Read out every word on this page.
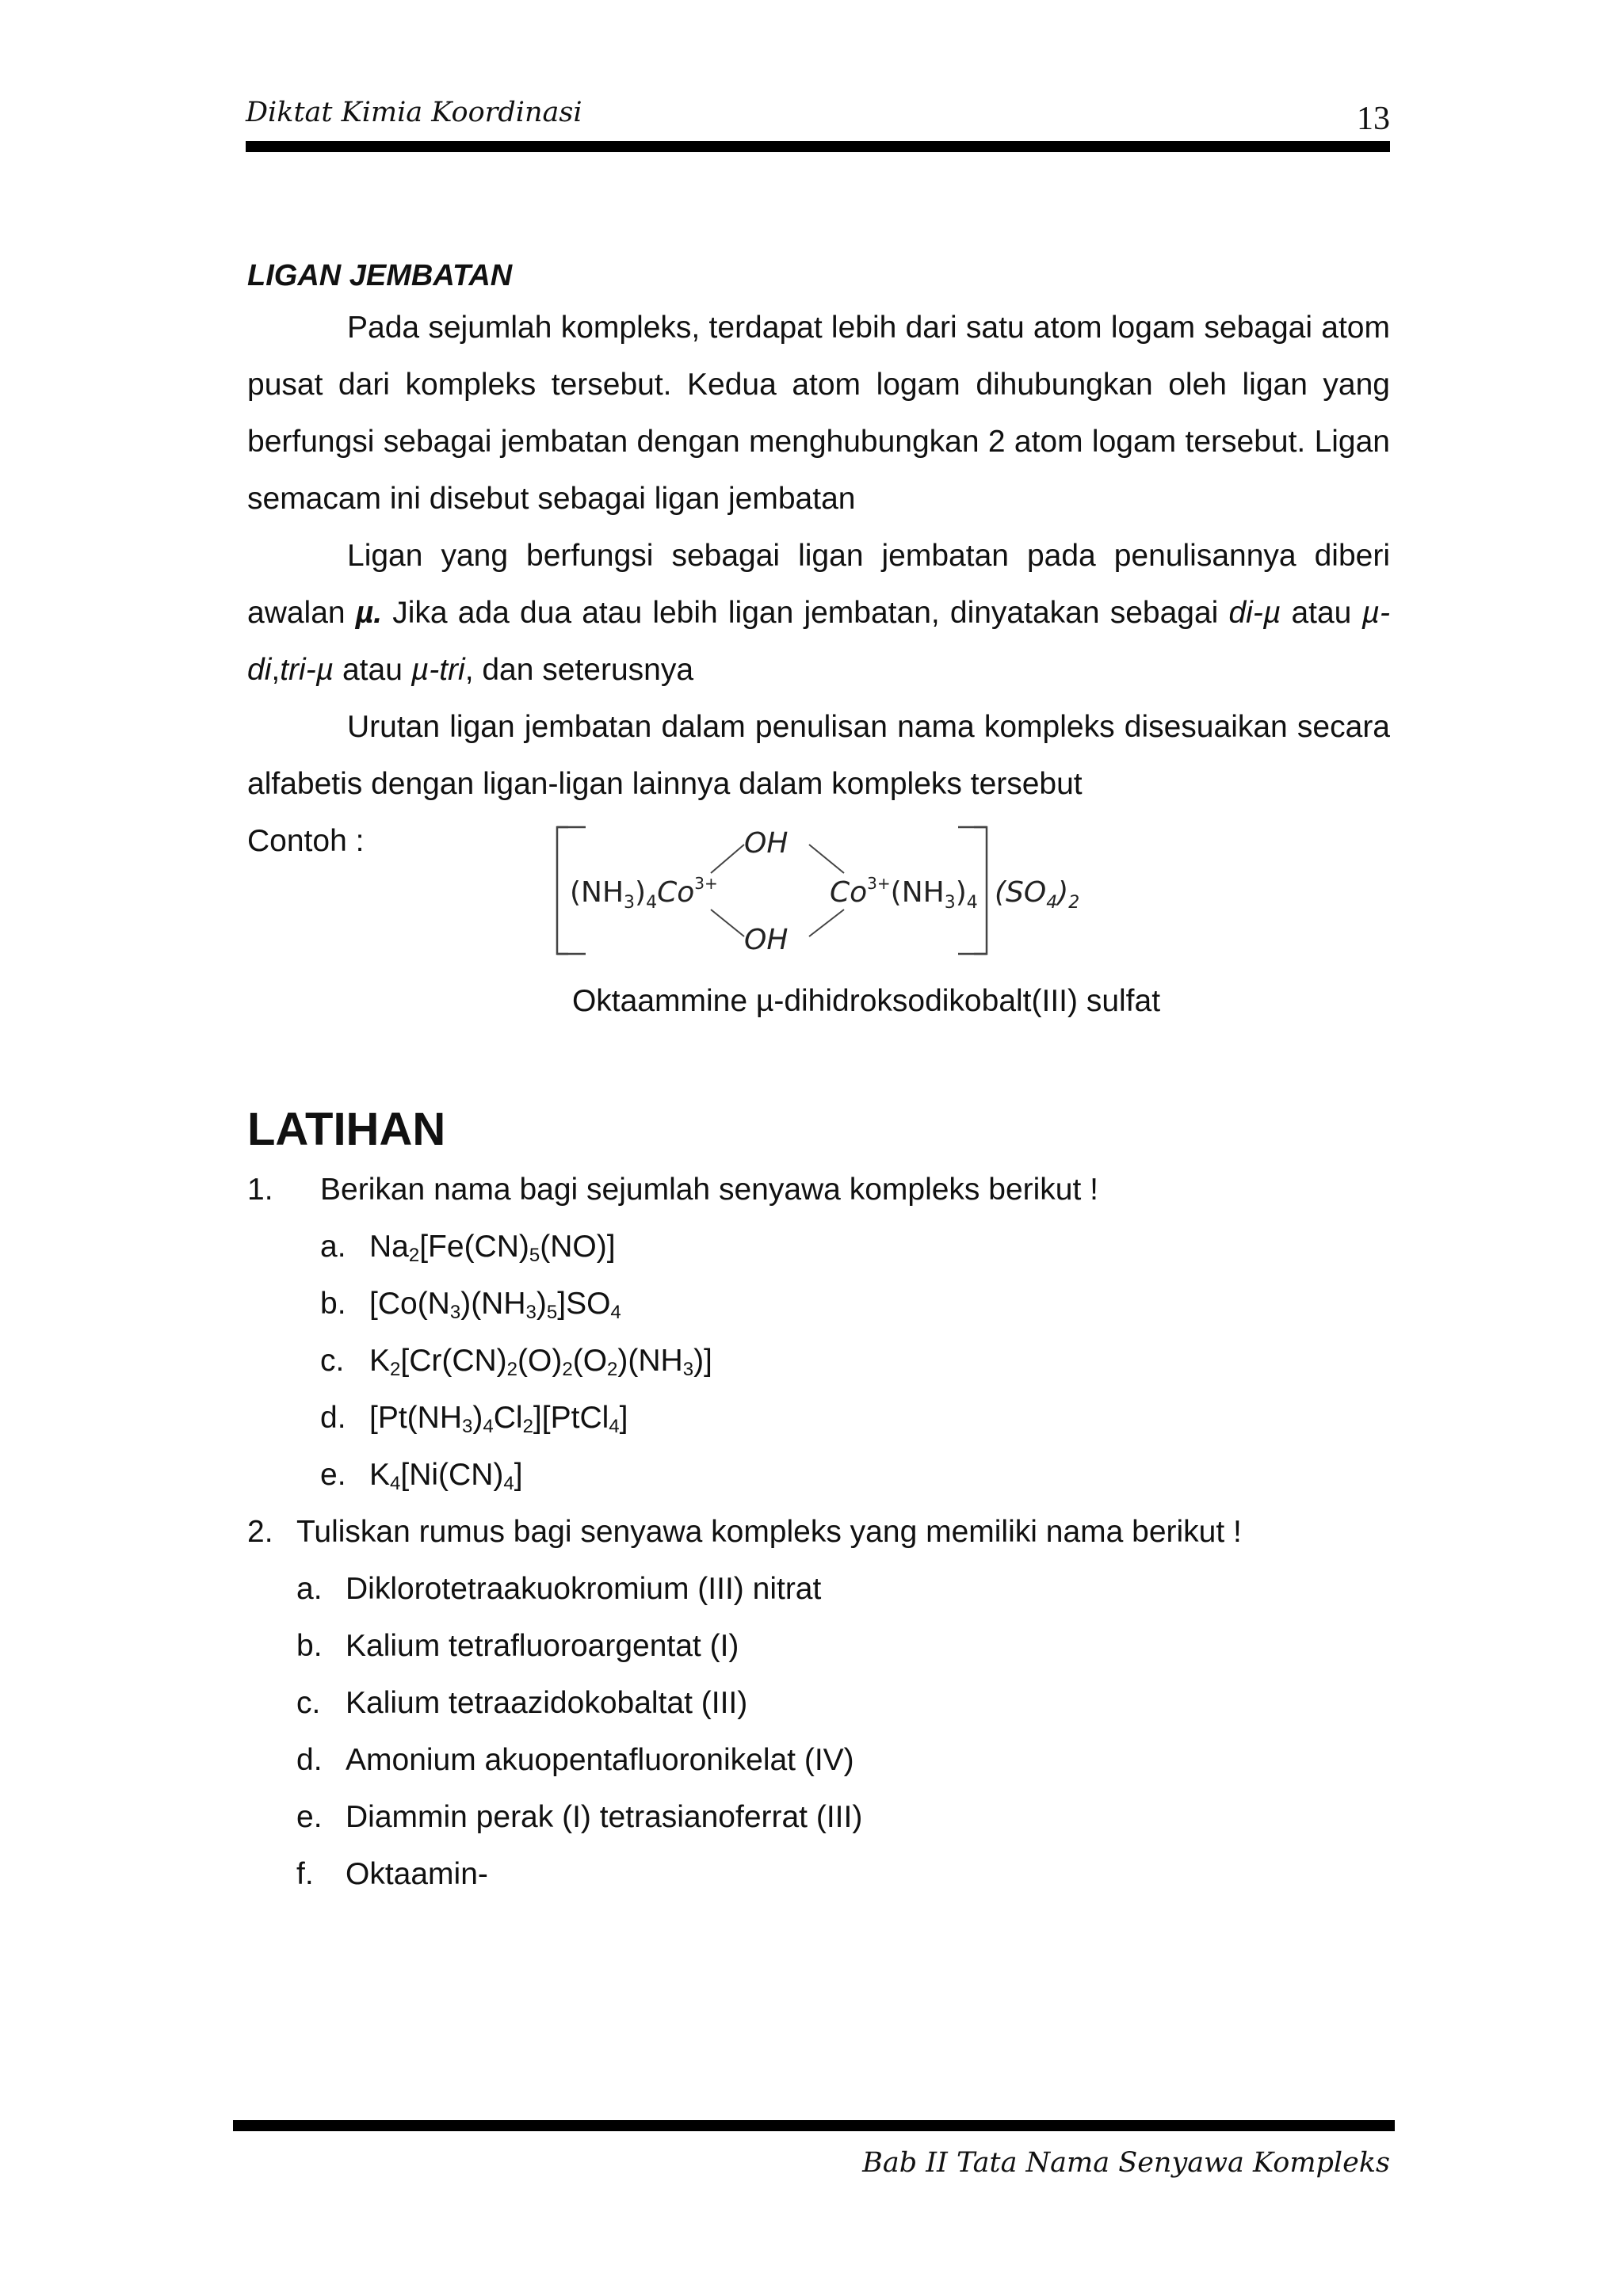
Diktat Kimia Koordinasi	13
LIGAN JEMBATAN

Pada sejumlah kompleks, terdapat lebih dari satu atom logam sebagai atom pusat dari kompleks tersebut. Kedua atom logam dihubungkan oleh ligan yang berfungsi sebagai jembatan dengan menghubungkan 2 atom logam tersebut. Ligan semacam ini disebut sebagai ligan jembatan

Ligan yang berfungsi sebagai ligan jembatan pada penulisannya diberi awalan µ. Jika ada dua atau lebih ligan jembatan, dinyatakan sebagai di-µ atau µ-di,tri-µ atau µ-tri, dan seterusnya

Urutan ligan jembatan dalam penulisan nama kompleks disesuaikan secara alfabetis dengan ligan-ligan lainnya dalam kompleks tersebut

Contoh :	OH
OH
$(NH_3)_4Co^{3+}$	$Co^{3+}(NH_3)_4$ $(SO_4)_2$
Oktaammine µ-dihidroksodikobalt(III) sulfat
LATIHAN
1. Berikan nama bagi sejumlah senyawa kompleks berikut !
a. $Na_2[Fe(CN)_5(NO)]$
b. $[Co(N_3)(NH_3)_5]SO_4$
c. $K_2[Cr(CN)_2(O)_2(O_2)(NH_3)]$
d. $[Pt(NH_3)_4Cl_2][PtCl_4]$
e. $K_4[Ni(CN)_4]$
2. Tuliskan rumus bagi senyawa kompleks yang memiliki nama berikut !
a. Diklorotetraakuokromium (III) nitrat
b. Kalium tetrafluoroargentat (I)
c. Kalium tetraazidokobaltat (III)
d. Amonium akuopentafluoronikelat (IV)
e. Diammin perak (I) tetrasianoferrat (III)
f. Oktaamin-
Bab II Tata Nama Senyawa Kompleks
